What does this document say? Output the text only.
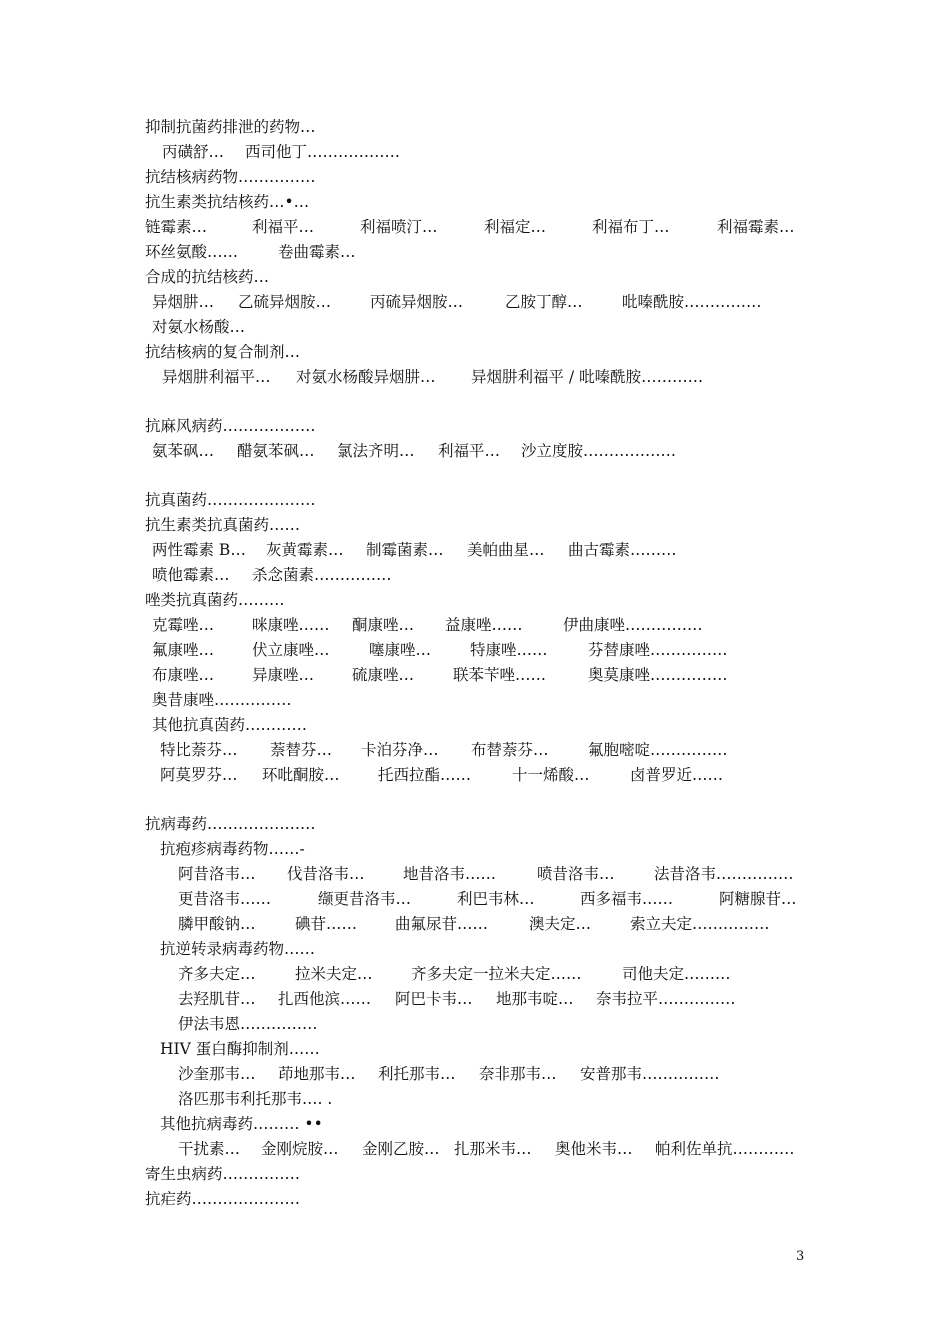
3
抑制抗菌药排泄的药物…
丙磺舒… 西司他丁………………
抗结核病药物……………
抗生素类抗结核药…•…
链霉素…	利福平…	利福喷汀…	利福定…	利福布丁…	利福霉素…
环丝氨酸……	卷曲霉素…
合成的抗结核药…
异烟肼… 乙硫异烟胺…	丙硫异烟胺…	乙胺丁醇…	吡嗪酰胺……………
对氨水杨酸…
抗结核病的复合制剂…
异烟肼利福平… 对氨水杨酸异烟肼… 异烟肼利福平 / 吡嗪酰胺…………
抗麻风病药………………
氨苯砜… 醋氨苯砜… 氯法齐明… 利福平… 沙立度胺………………
抗真菌药…………………
抗生素类抗真菌药……
两性霉素 B… 灰黄霉素… 制霉菌素… 美帕曲星… 曲古霉素………
喷他霉素… 杀念菌素……………
唑类抗真菌药………
克霉唑… 咪康唑…… 酮康唑… 益康唑……	伊曲康唑……………
氟康唑… 伏立康唑…	噻康唑…	特康唑……	芬替康唑……………
布康唑… 异康唑… 硫康唑…	联苯苄唑……	奥莫康唑……………
奥昔康唑……………
其他抗真茵药…………
特比萘芬… 萘替芬… 卡泊芬净… 布替萘芬…	氟胞嘧啶……………
阿莫罗芬… 环吡酮胺… 托西拉酯……	十一烯酸…	卤普罗近……
抗病毒药…………………
抗疱疹病毒药物……-
阿昔洛韦… 伐昔洛韦… 地昔洛韦……	喷昔洛韦…	法昔洛韦……………
更昔洛韦……	缬更昔洛韦…	利巴韦林…	西多福韦……	阿糖腺苷…
膦甲酸钠…	碘苷…… 曲氟尿苷……	澳夫定…	索立夫定……………
抗逆转录病毒药物……
齐多夫定…	拉米夫定… 齐多夫定一拉米夫定……	司他夫定………
去羟肌苷… 扎西他滨…… 阿巴卡韦… 地那韦啶… 奈韦拉平……………
伊法韦恩……………
HIV 蛋白酶抑制剂……
沙奎那韦… 茚地那韦… 利托那韦… 奈非那韦… 安普那韦……………
洛匹那韦利托那韦…. .
其他抗病毒药……… ••
干扰素… 金刚烷胺… 金刚乙胺… 扎那米韦… 奥他米韦… 帕利佐单抗…………
寄生虫病药……………
抗疟药…………………
